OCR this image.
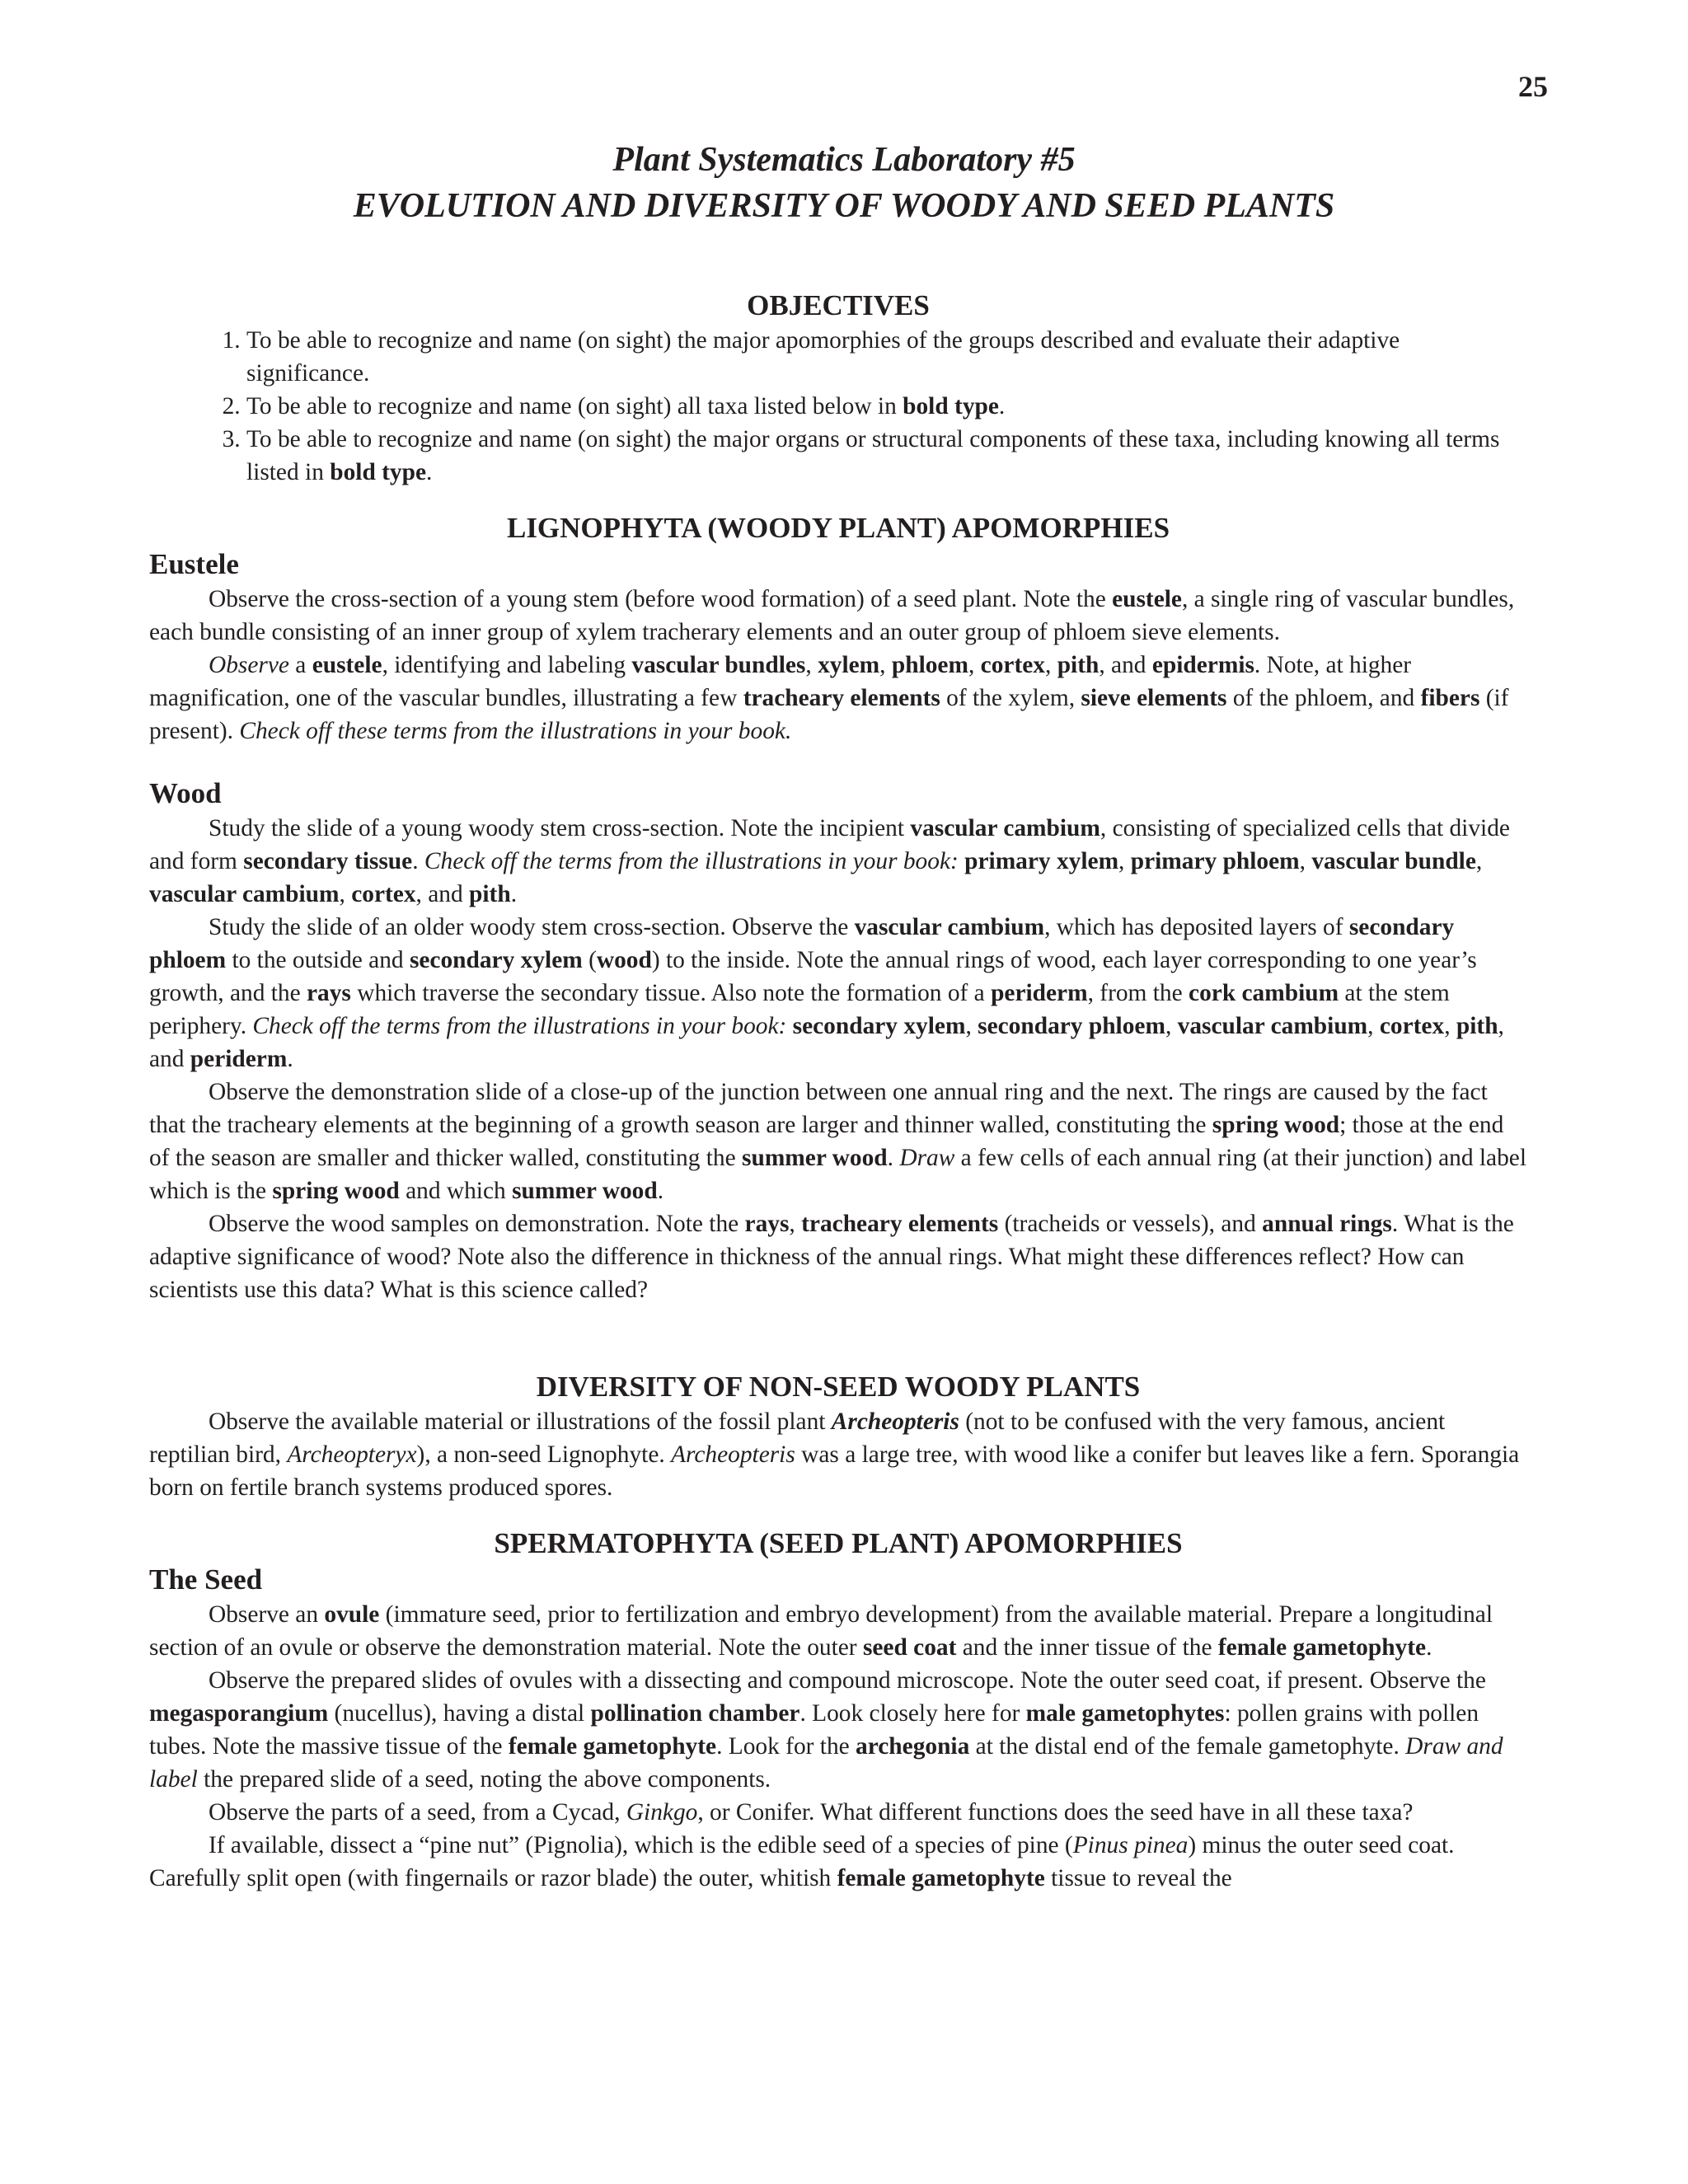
25
Plant Systematics Laboratory #5
EVOLUTION AND DIVERSITY OF WOODY AND SEED PLANTS
OBJECTIVES
1. To be able to recognize and name (on sight) the major apomorphies of the groups described and evaluate their adaptive significance.
2. To be able to recognize and name (on sight) all taxa listed below in bold type.
3. To be able to recognize and name (on sight) the major organs or structural components of these taxa, including knowing all terms listed in bold type.
LIGNOPHYTA (WOODY PLANT) APOMORPHIES
Eustele

Observe the cross-section of a young stem (before wood formation) of a seed plant. Note the eustele, a single ring of vascular bundles, each bundle consisting of an inner group of xylem tracherary elements and an outer group of phloem sieve elements.

Observe a eustele, identifying and labeling vascular bundles, xylem, phloem, cortex, pith, and epidermis. Note, at higher magnification, one of the vascular bundles, illustrating a few tracheary elements of the xylem, sieve elements of the phloem, and fibers (if present). Check off these terms from the illustrations in your book.

Wood

Study the slide of a young woody stem cross-section. Note the incipient vascular cambium, consisting of specialized cells that divide and form secondary tissue. Check off the terms from the illustrations in your book: primary xylem, primary phloem, vascular bundle, vascular cambium, cortex, and pith.

Study the slide of an older woody stem cross-section. Observe the vascular cambium, which has deposited layers of secondary phloem to the outside and secondary xylem (wood) to the inside. Note the annual rings of wood, each layer corresponding to one year’s growth, and the rays which traverse the secondary tissue. Also note the formation of a periderm, from the cork cambium at the stem periphery. Check off the terms from the illustrations in your book: secondary xylem, secondary phloem, vascular cambium, cortex, pith, and periderm.

Observe the demonstration slide of a close-up of the junction between one annual ring and the next. The rings are caused by the fact that the tracheary elements at the beginning of a growth season are larger and thinner walled, constituting the spring wood; those at the end of the season are smaller and thicker walled, constituting the summer wood. Draw a few cells of each annual ring (at their junction) and label which is the spring wood and which summer wood.

Observe the wood samples on demonstration. Note the rays, tracheary elements (tracheids or vessels), and annual rings. What is the adaptive significance of wood? Note also the difference in thickness of the annual rings. What might these differences reflect? How can scientists use this data? What is this science called?

DIVERSITY OF NON-SEED WOODY PLANTS

Observe the available material or illustrations of the fossil plant Archeopteris (not to be confused with the very famous, ancient reptilian bird, Archeopteryx), a non-seed Lignophyte. Archeopteris was a large tree, with wood like a conifer but leaves like a fern. Sporangia born on fertile branch systems produced spores.

SPERMATOPHYTA (SEED PLANT) APOMORPHIES
The Seed

Observe an ovule (immature seed, prior to fertilization and embryo development) from the available material. Prepare a longitudinal section of an ovule or observe the demonstration material. Note the outer seed coat and the inner tissue of the female gametophyte.

Observe the prepared slides of ovules with a dissecting and compound microscope. Note the outer seed coat, if present. Observe the megasporangium (nucellus), having a distal pollination chamber. Look closely here for male gametophytes: pollen grains with pollen tubes. Note the massive tissue of the female gametophyte. Look for the archegonia at the distal end of the female gametophyte. Draw and label the prepared slide of a seed, noting the above components.

Observe the parts of a seed, from a Cycad, Ginkgo, or Conifer. What different functions does the seed have in all these taxa?

If available, dissect a “pine nut” (Pignolia), which is the edible seed of a species of pine (Pinus pinea) minus the outer seed coat. Carefully split open (with fingernails or razor blade) the outer, whitish female gametophyte tissue to reveal the
